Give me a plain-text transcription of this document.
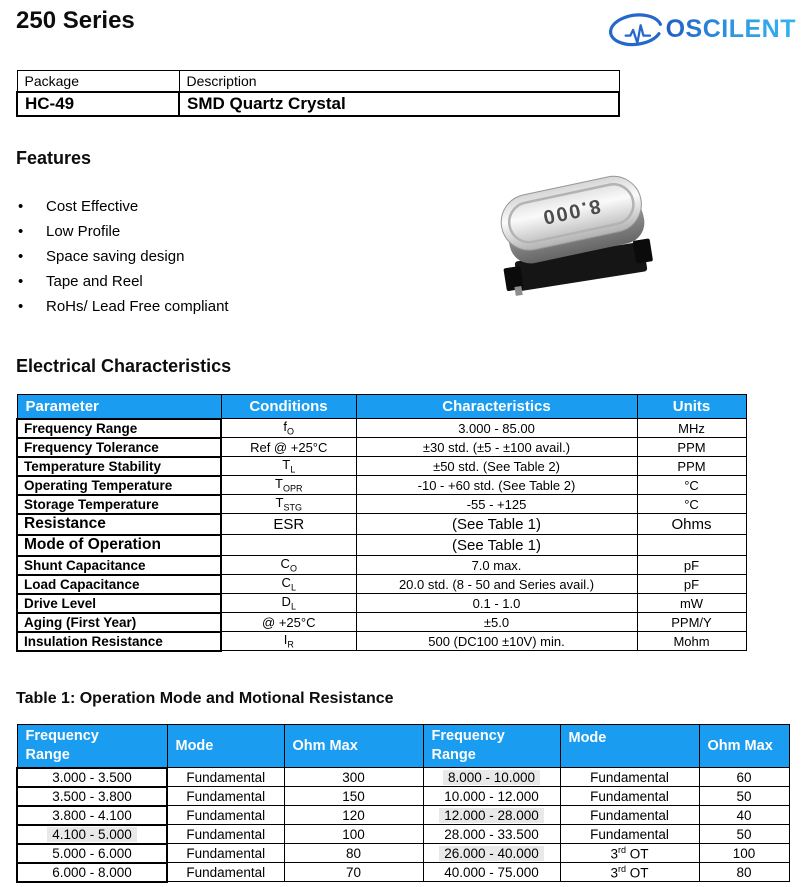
250 Series	OSCILENT
Package	Description
HC-49	SMD Quartz Crystal
Features
•	Cost Effective
•	Low Profile
•	Space saving design
•	Tape and Reel
•	RoHs/ Lead Free compliant
8.000
Electrical Characteristics
Parameter	Conditions	Characteristics	Units
Frequency Range	$f_O$	3.000 - 85.00	MHz
Frequency Tolerance	Ref @ +25°C	±30 std. (±5 - ±100 avail.)	PPM
Temperature Stability	$T_L$	±50 std. (See Table 2)	PPM
Operating Temperature	$T_{OPR}$	-10 - +60 std. (See Table 2)	°C
Storage Temperature	$T_{STG}$	-55 - +125	°C
Resistance	ESR	(See Table 1)	Ohms
Mode of Operation		(See Table 1)	
Shunt Capacitance	$C_O$	7.0 max.	pF
Load Capacitance	$C_L$	20.0 std. (8 - 50 and Series avail.)	pF
Drive Level	$D_L$	0.1 - 1.0	mW
Aging (First Year)	@ +25°C	±5.0	PPM/Y
Insulation Resistance	$I_R$	500 (DC100 ±10V) min.	Mohm
Table 1: Operation Mode and Motional Resistance
Frequency Range	Mode	Ohm Max	Frequency Range	Mode	Ohm Max
3.000 - 3.500	Fundamental	300	8.000 - 10.000	Fundamental	60
3.500 - 3.800	Fundamental	150	10.000 - 12.000	Fundamental	50
3.800 - 4.100	Fundamental	120	12.000 - 28.000	Fundamental	40
4.100 - 5.000	Fundamental	100	28.000 - 33.500	Fundamental	50
5.000 - 6.000	Fundamental	80	26.000 - 40.000	3rd OT	100
6.000 - 8.000	Fundamental	70	40.000 - 75.000	3rd OT	80
